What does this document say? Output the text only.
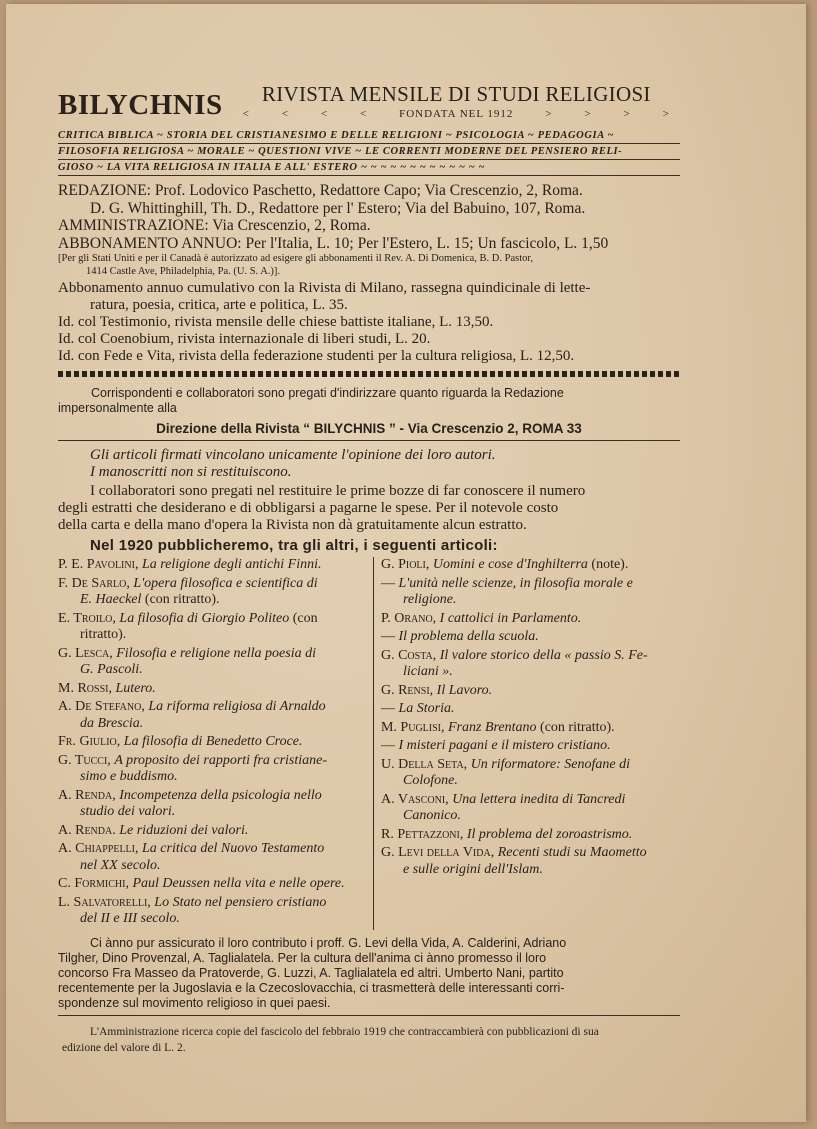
BILYCHNIS	RIVISTA MENSILE DI STUDI RELIGIOSI
<	<	<	<	FONDATA NEL 1912	>	>	>	>
CRITICA BIBLICA ~ STORIA DEL CRISTIANESIMO E DELLE RELIGIONI ~ PSICOLOGIA ~ PEDAGOGIA ~
FILOSOFIA RELIGIOSA ~ MORALE ~ QUESTIONI VIVE ~ LE CORRENTI MODERNE DEL PENSIERO RELI-
GIOSO ~ LA VITA RELIGIOSA IN ITALIA E ALL' ESTERO ~ ~ ~ ~ ~ ~ ~ ~ ~ ~ ~ ~ ~
REDAZIONE: Prof. Lodovico Paschetto, Redattore Capo; Via Crescenzio, 2, Roma.
D. G. Whittinghill, Th. D., Redattore per l' Estero; Via del Babuino, 107, Roma.
AMMINISTRAZIONE: Via Crescenzio, 2, Roma.
ABBONAMENTO ANNUO: Per l'Italia, L. 10; Per l'Estero, L. 15; Un fascicolo, L. 1,50
[Per gli Stati Uniti e per il Canadà è autorizzato ad esigere gli abbonamenti il Rev. A. Di Domenica, B. D. Pastor,
1414 Castle Ave, Philadelphia, Pa. (U. S. A.)].
Abbonamento annuo cumulativo con la Rivista di Milano, rassegna quindicinale di lette-
ratura, poesia, critica, arte e politica, L. 35.
Id. col Testimonio, rivista mensile delle chiese battiste italiane, L. 13,50.
Id. col Coenobium, rivista internazionale di liberi studi, L. 20.
Id. con Fede e Vita, rivista della federazione studenti per la cultura religiosa, L. 12,50.
Corrispondenti e collaboratori sono pregati d'indirizzare quanto riguarda la Redazione
impersonalmente alla
Direzione della Rivista “ BILYCHNIS ” - Via Crescenzio 2, ROMA 33
Gli articoli firmati vincolano unicamente l'opinione dei loro autori.
I manoscritti non si restituiscono.
I collaboratori sono pregati nel restituire le prime bozze di far conoscere il numero
degli estratti che desiderano e di obbligarsi a pagarne le spese. Per il notevole costo
della carta e della mano d'opera la Rivista non dà gratuitamente alcun estratto.
Nel 1920 pubblicheremo, tra gli altri, i seguenti articoli:
P. E. Pavolini, La religione degli antichi Finni.
F. De Sarlo, L'opera filosofica e scientifica di
E. Haeckel (con ritratto).
E. Troilo, La filosofia di Giorgio Politeo (con
ritratto).
G. Lesca, Filosofia e religione nella poesia di
G. Pascoli.
M. Rossi, Lutero.
A. De Stefano, La riforma religiosa di Arnaldo
da Brescia.
Fr. Giulio, La filosofia di Benedetto Croce.
G. Tucci, A proposito dei rapporti fra cristiane-
simo e buddismo.
A. Renda, Incompetenza della psicologia nello
studio dei valori.
A. Renda. Le riduzioni dei valori.
A. Chiappelli, La critica del Nuovo Testamento
nel XX secolo.
C. Formichi, Paul Deussen nella vita e nelle opere.
L. Salvatorelli, Lo Stato nel pensiero cristiano
del II e III secolo.
G. Pioli, Uomini e cose d'Inghilterra (note).
— L'unità nelle scienze, in filosofia morale e
religione.
P. Orano, I cattolici in Parlamento.
— Il problema della scuola.
G. Costa, Il valore storico della « passio S. Fe-
liciani ».
G. Rensi, Il Lavoro.
— La Storia.
M. Puglisi, Franz Brentano (con ritratto).
— I misteri pagani e il mistero cristiano.
U. Della Seta, Un riformatore: Senofane di
Colofone.
A. Vasconi, Una lettera inedita di Tancredi
Canonico.
R. Pettazzoni, Il problema del zoroastrismo.
G. Levi della Vida, Recenti studi su Maometto
e sulle origini dell'Islam.
Ci ànno pur assicurato il loro contributo i proff. G. Levi della Vida, A. Calderini, Adriano
Tilgher, Dino Provenzal, A. Taglialatela. Per la cultura dell'anima ci ànno promesso il loro
concorso Fra Masseo da Pratoverde, G. Luzzi, A. Taglialatela ed altri. Umberto Nani, partito
recentemente per la Jugoslavia e la Czecoslovacchia, ci trasmetterà delle interessanti corri-
spondenze sul movimento religioso in quei paesi.
L'Amministrazione ricerca copie del fascicolo del febbraio 1919 che contraccambierà con pubblicazioni di sua
edizione del valore di L. 2.
